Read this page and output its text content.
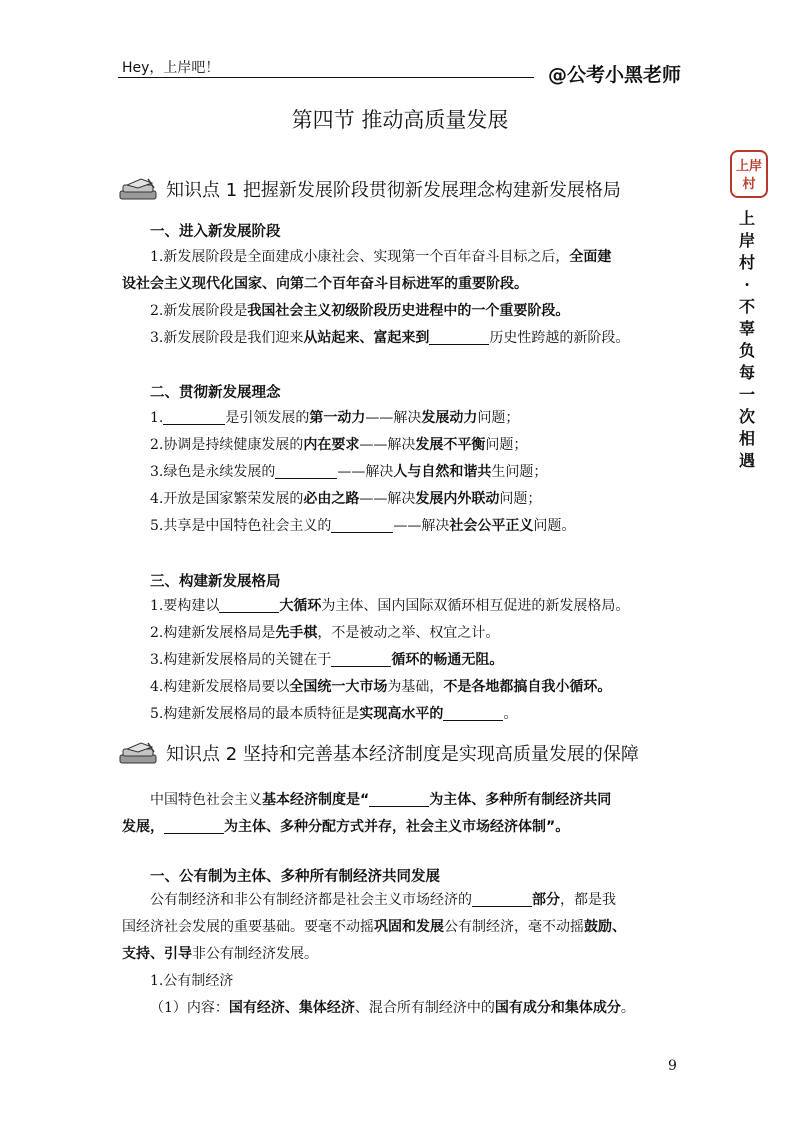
Hey，上岸吧！	@公考小黑老师
第四节 推动高质量发展
上岸
村
上岸村 · 不辜负每一次相遇
知识点 1 把握新发展阶段贯彻新发展理念构建新发展格局
一、进入新发展阶段
1.新发展阶段是全面建成小康社会、实现第一个百年奋斗目标之后，全面建
设社会主义现代化国家、向第二个百年奋斗目标进军的重要阶段。
2.新发展阶段是我国社会主义初级阶段历史进程中的一个重要阶段。
3.新发展阶段是我们迎来从站起来、富起来到	历史性跨越的新阶段。
二、贯彻新发展理念
1.	是引领发展的第一动力——解决发展动力问题；
2.协调是持续健康发展的内在要求——解决发展不平衡问题；
3.绿色是永续发展的	——解决人与自然和谐共生问题；
4.开放是国家繁荣发展的必由之路——解决发展内外联动问题；
5.共享是中国特色社会主义的	——解决社会公平正义问题。
三、构建新发展格局
1.要构建以	大循环为主体、国内国际双循环相互促进的新发展格局。
2.构建新发展格局是先手棋，不是被动之举、权宜之计。
3.构建新发展格局的关键在于	循环的畅通无阻。
4.构建新发展格局要以全国统一大市场为基础，不是各地都搞自我小循环。
5.构建新发展格局的最本质特征是实现高水平的	。
知识点 2 坚持和完善基本经济制度是实现高质量发展的保障
中国特色社会主义基本经济制度是“	为主体、多种所有制经济共同
发展，	为主体、多种分配方式并存，社会主义市场经济体制”。
一、公有制为主体、多种所有制经济共同发展
公有制经济和非公有制经济都是社会主义市场经济的	部分，都是我
国经济社会发展的重要基础。要毫不动摇巩固和发展公有制经济，毫不动摇鼓励、
支持、引导非公有制经济发展。
1.公有制经济
（1）内容：国有经济、集体经济、混合所有制经济中的国有成分和集体成分。
9
